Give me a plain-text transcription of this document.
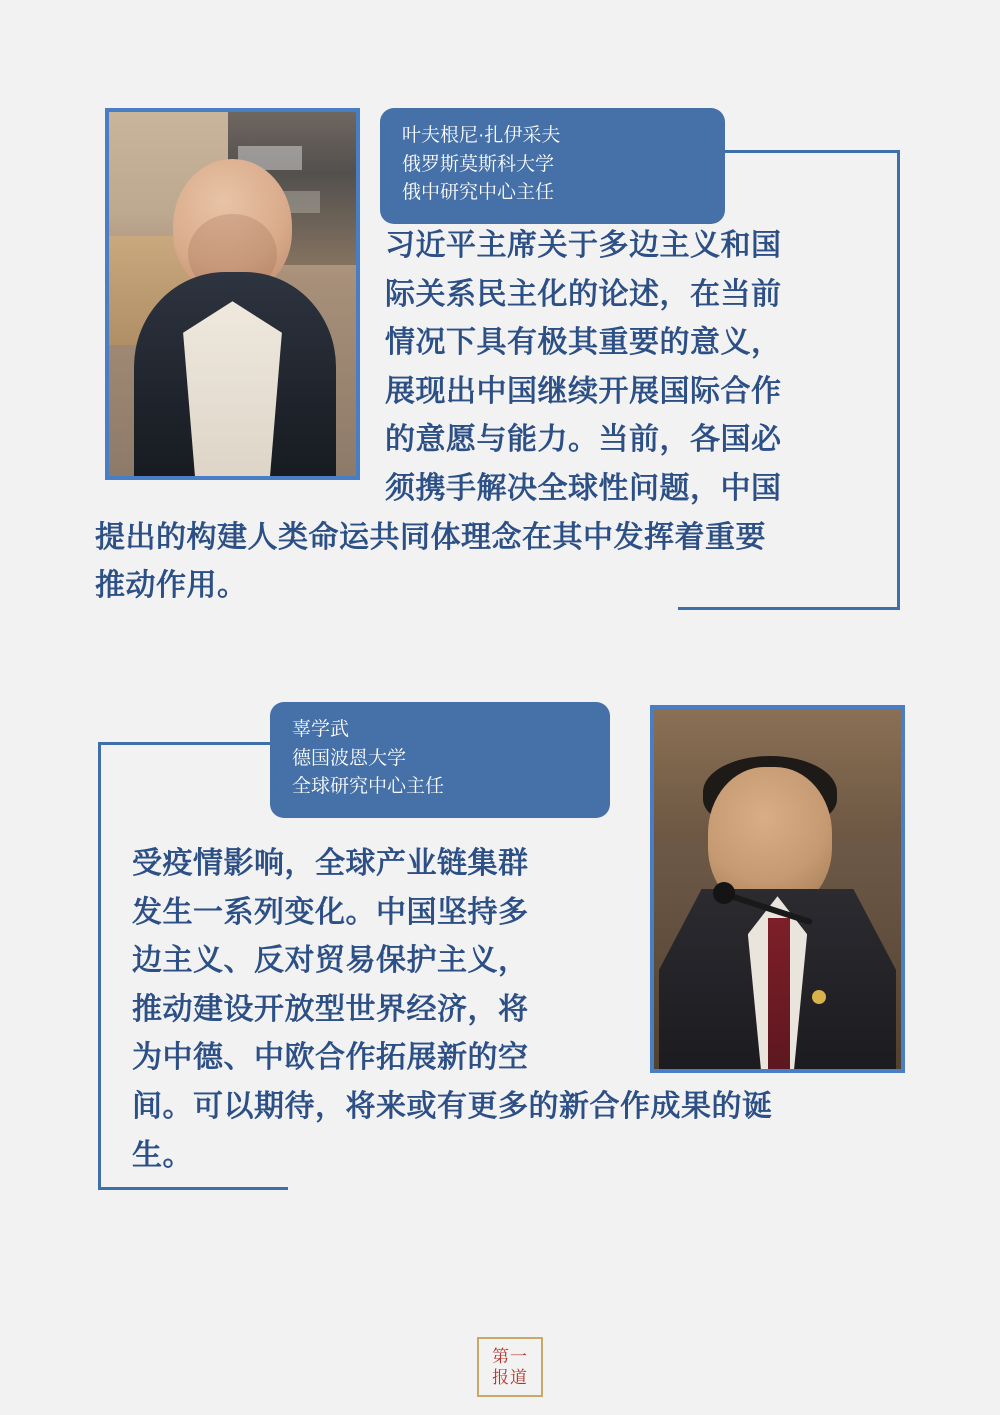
叶夫根尼·扎伊采夫
俄罗斯莫斯科大学
俄中研究中心主任
习近平主席关于多边主义和国
际关系民主化的论述，在当前
情况下具有极其重要的意义，
展现出中国继续开展国际合作
的意愿与能力。当前，各国必
须携手解决全球性问题，中国
提出的构建人类命运共同体理念在其中发挥着重要
推动作用。
辜学武
德国波恩大学
全球研究中心主任
受疫情影响，全球产业链集群
发生一系列变化。中国坚持多
边主义、反对贸易保护主义，
推动建设开放型世界经济，将
为中德、中欧合作拓展新的空
间。可以期待，将来或有更多的新合作成果的诞
生。
第一
报道
